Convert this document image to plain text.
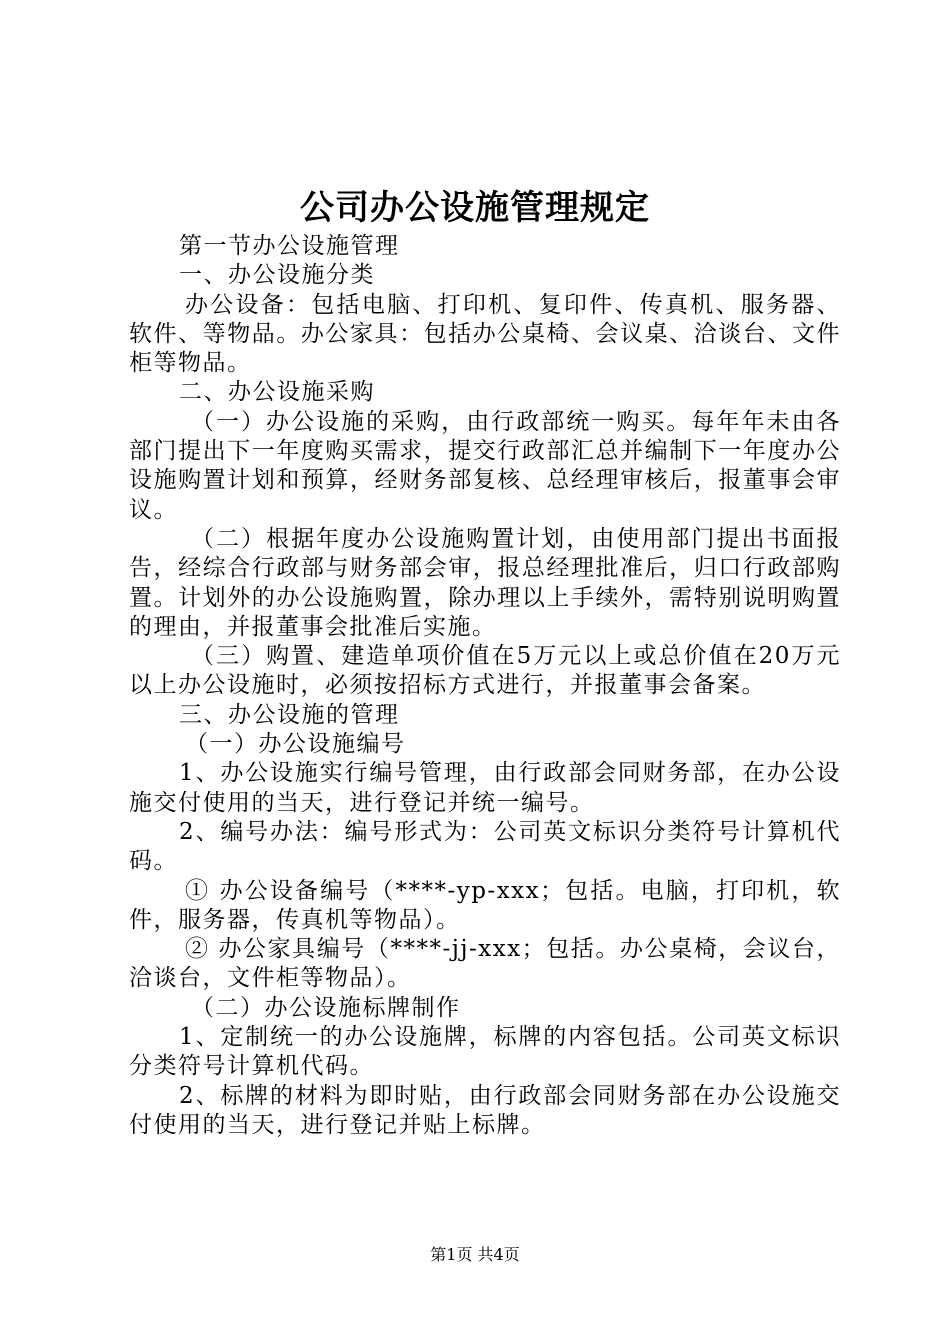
公司办公设施管理规定

第一节办公设施管理

一、办公设施分类

办公设备：包括电脑、打印机、复印件、传真机、服务器、软件、等物品。办公家具：包括办公桌椅、会议桌、洽谈台、文件柜等物品。

二、办公设施采购

（一）办公设施的采购，由行政部统一购买。每年年未由各部门提出下一年度购买需求，提交行政部汇总并编制下一年度办公设施购置计划和预算，经财务部复核、总经理审核后，报董事会审议。

（二）根据年度办公设施购置计划，由使用部门提出书面报告，经综合行政部与财务部会审，报总经理批准后，归口行政部购置。计划外的办公设施购置，除办理以上手续外，需特别说明购置的理由，并报董事会批准后实施。

（三）购置、建造单项价值在5万元以上或总价值在20万元以上办公设施时，必须按招标方式进行，并报董事会备案。

三、办公设施的管理

（一）办公设施编号

1、办公设施实行编号管理，由行政部会同财务部，在办公设施交付使用的当天，进行登记并统一编号。

2、编号办法：编号形式为：公司英文标识分类符号计算机代码。

① 办公设备编号（****-yp-xxx；包括。电脑，打印机，软件，服务器，传真机等物品）。

② 办公家具编号（****-jj-xxx；包括。办公桌椅，会议台，洽谈台，文件柜等物品）。

（二）办公设施标牌制作

1、定制统一的办公设施牌，标牌的内容包括。公司英文标识分类符号计算机代码。

2、标牌的材料为即时贴，由行政部会同财务部在办公设施交付使用的当天，进行登记并贴上标牌。

第1页 共4页
